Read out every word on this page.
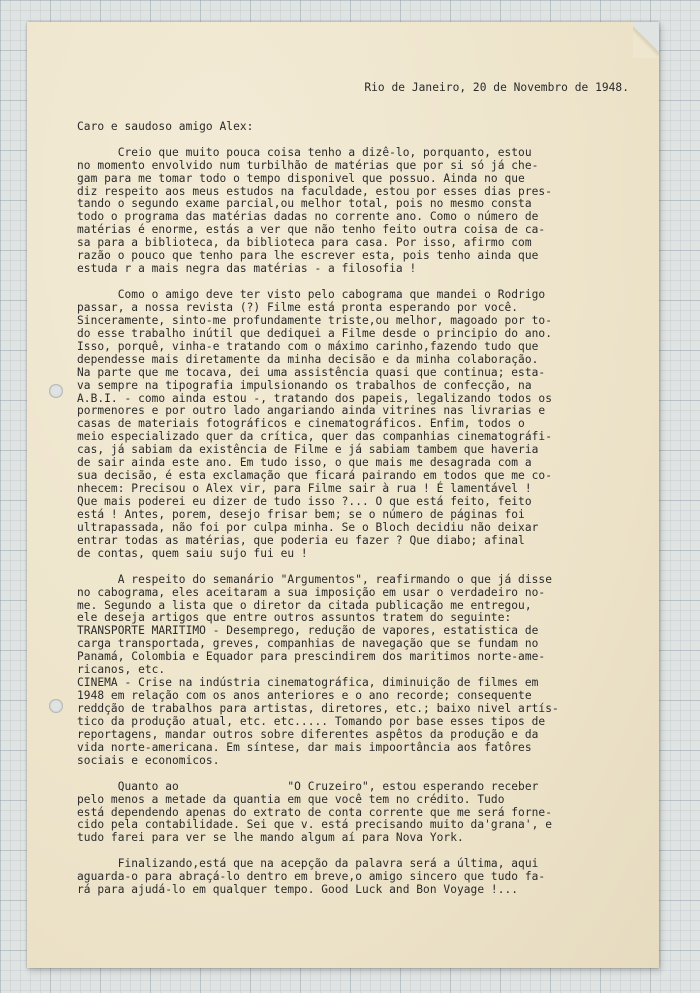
Rio de Janeiro, 20 de Novembro de 1948.
Caro e saudoso amigo Alex:
Creio que muito pouca coisa tenho a dizê-lo, porquanto, estou
no momento envolvido num turbilhão de matérias que por si só já che-
gam para me tomar todo o tempo disponivel que possuo. Ainda no que
diz respeito aos meus estudos na faculdade, estou por esses dias pres-
tando o segundo exame parcial,ou melhor total, pois no mesmo consta
todo o programa das matérias dadas no corrente ano. Como o número de
matérias é enorme, estás a ver que não tenho feito outra coisa de ca-
sa para a biblioteca, da biblioteca para casa. Por isso, afirmo com
razão o pouco que tenho para lhe escrever esta, pois tenho ainda que
estuda r a mais negra das matérias - a filosofia !
Como o amigo deve ter visto pelo cabograma que mandei o Rodrigo
passar, a nossa revista (?) Filme está pronta esperando por você.
Sinceramente, sinto-me profundamente triste,ou melhor, magoado por to-
do esse trabalho inútil que dediquei a Filme desde o principio do ano.
Isso, porquê, vinha-e tratando com o máximo carinho,fazendo tudo que
dependesse mais diretamente da minha decisão e da minha colaboração.
Na parte que me tocava, dei uma assistência quasi que continua; esta-
va sempre na tipografia impulsionando os trabalhos de confecção, na
A.B.I. - como ainda estou -, tratando dos papeis, legalizando todos os
pormenores e por outro lado angariando ainda vitrines nas livrarias e
casas de materiais fotográficos e cinematográficos. Enfim, todos o
meio especializado quer da crítica, quer das companhias cinematográfi-
cas, já sabiam da existência de Filme e já sabiam tambem que haveria
de sair ainda este ano. Em tudo isso, o que mais me desagrada com a
sua decisão, é esta exclamação que ficará pairando em todos que me co-
nhecem: Precisou o Alex vir, para Filme sair à rua ! É lamentável !
Que mais poderei eu dizer de tudo isso ?... O que está feito, feito
está ! Antes, porem, desejo frisar bem; se o número de páginas foi
ultrapassada, não foi por culpa minha. Se o Bloch decidiu não deixar
entrar todas as matérias, que poderia eu fazer ? Que diabo; afinal
de contas, quem saiu sujo fui eu !
A respeito do semanário "Argumentos", reafirmando o que já disse
no cabograma, eles aceitaram a sua imposição em usar o verdadeiro no-
me. Segundo a lista que o diretor da citada publicação me entregou,
ele deseja artigos que entre outros assuntos tratem do seguinte:
TRANSPORTE MARITIMO - Desemprego, redução de vapores, estatistica de
carga transportada, greves, companhias de navegação que se fundam no
Panamá, Colombia e Equador para prescindirem dos maritimos norte-ame-
ricanos, etc.
CINEMA - Crise na indústria cinematográfica, diminuição de filmes em
1948 em relação com os anos anteriores e o ano recorde; consequente
reddção de trabalhos para artistas, diretores, etc.; baixo nivel artís-
tico da produção atual, etc. etc..... Tomando por base esses tipos de
reportagens, mandar outros sobre diferentes aspêtos da produção e da
vida norte-americana. Em síntese, dar mais impoortância aos fatôres
sociais e economicos.
Quanto ao                "O Cruzeiro", estou esperando receber
pelo menos a metade da quantia em que você tem no crédito. Tudo
está dependendo apenas do extrato de conta corrente que me será forne-
cido pela contabilidade. Sei que v. está precisando muito da'grana', e
tudo farei para ver se lhe mando algum aí para Nova York.
Finalizando,está que na acepção da palavra será a última, aqui
aguarda-o para abraçá-lo dentro em breve,o amigo sincero que tudo fa-
rá para ajudá-lo em qualquer tempo. Good Luck and Bon Voyage !...
